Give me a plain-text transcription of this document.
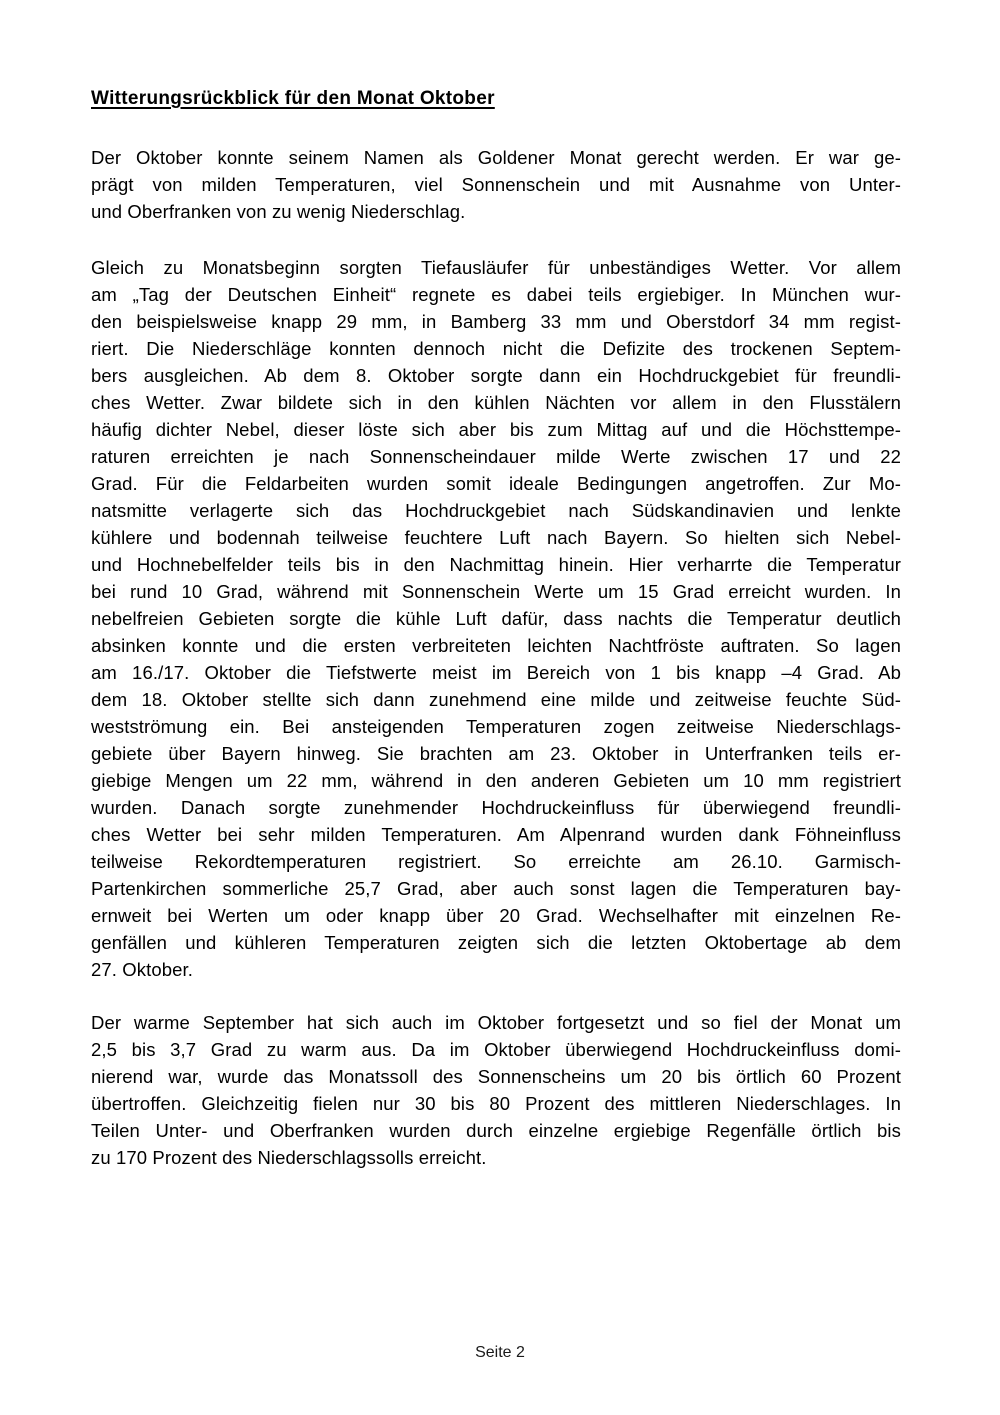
Witterungsrückblick für den Monat Oktober
Der Oktober konnte seinem Namen als Goldener Monat gerecht werden. Er war ge-
prägt von milden Temperaturen, viel Sonnenschein und mit Ausnahme von Unter-
und Oberfranken von zu wenig Niederschlag.
Gleich zu Monatsbeginn sorgten Tiefausläufer für unbeständiges Wetter. Vor allem
am „Tag der Deutschen Einheit“ regnete es dabei teils ergiebiger. In München wur-
den beispielsweise knapp 29 mm, in Bamberg 33 mm und Oberstdorf 34 mm regist-
riert. Die Niederschläge konnten dennoch nicht die Defizite des trockenen Septem-
bers ausgleichen. Ab dem 8. Oktober sorgte dann ein Hochdruckgebiet für freundli-
ches Wetter. Zwar bildete sich in den kühlen Nächten vor allem in den Flusstälern
häufig dichter Nebel, dieser löste sich aber bis zum Mittag auf und die Höchsttempe-
raturen erreichten je nach Sonnenscheindauer milde Werte zwischen 17 und 22
Grad. Für die Feldarbeiten wurden somit ideale Bedingungen angetroffen. Zur Mo-
natsmitte verlagerte sich das Hochdruckgebiet nach Südskandinavien und lenkte
kühlere und bodennah teilweise feuchtere Luft nach Bayern. So hielten sich Nebel-
und Hochnebelfelder teils bis in den Nachmittag hinein. Hier verharrte die Temperatur
bei rund 10 Grad, während mit Sonnenschein Werte um 15 Grad erreicht wurden. In
nebelfreien Gebieten sorgte die kühle Luft dafür, dass nachts die Temperatur deutlich
absinken konnte und die ersten verbreiteten leichten Nachtfröste auftraten. So lagen
am 16./17. Oktober die Tiefstwerte meist im Bereich von 1 bis knapp –4 Grad. Ab
dem 18. Oktober stellte sich dann zunehmend eine milde und zeitweise feuchte Süd-
westströmung ein. Bei ansteigenden Temperaturen zogen zeitweise Niederschlags-
gebiete über Bayern hinweg. Sie brachten am 23. Oktober in Unterfranken teils er-
giebige Mengen um 22 mm, während in den anderen Gebieten um 10 mm registriert
wurden. Danach sorgte zunehmender Hochdruckeinfluss für überwiegend freundli-
ches Wetter bei sehr milden Temperaturen. Am Alpenrand wurden dank Föhneinfluss
teilweise Rekordtemperaturen registriert. So erreichte am 26.10. Garmisch-
Partenkirchen sommerliche 25,7 Grad, aber auch sonst lagen die Temperaturen bay-
ernweit bei Werten um oder knapp über 20 Grad. Wechselhafter mit einzelnen Re-
genfällen und kühleren Temperaturen zeigten sich die letzten Oktobertage ab dem
27. Oktober.
Der warme September hat sich auch im Oktober fortgesetzt und so fiel der Monat um
2,5 bis 3,7 Grad zu warm aus. Da im Oktober überwiegend Hochdruckeinfluss domi-
nierend war, wurde das Monatssoll des Sonnenscheins um 20 bis örtlich 60 Prozent
übertroffen. Gleichzeitig fielen nur 30 bis 80 Prozent des mittleren Niederschlages. In
Teilen Unter- und Oberfranken wurden durch einzelne ergiebige Regenfälle örtlich bis
zu 170 Prozent des Niederschlagssolls erreicht.
Seite 2
